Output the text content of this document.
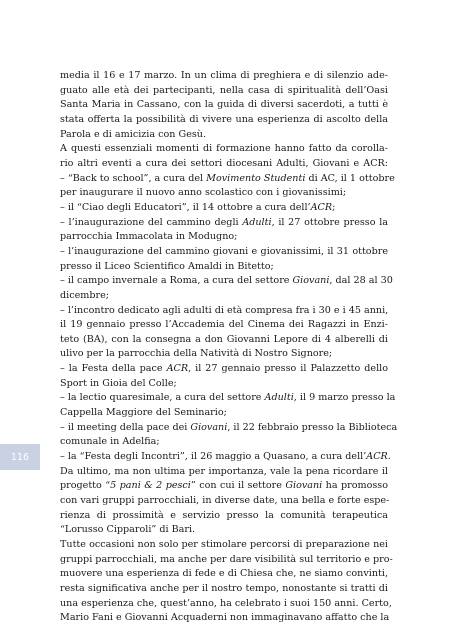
media il 16 e 17 marzo. In un clima di preghiera e di silenzio ade-
guato alle età dei partecipanti, nella casa di spiritualità dell’Oasi
Santa Maria in Cassano, con la guida di diversi sacerdoti, a tutti è
stata offerta la possibilità di vivere una esperienza di ascolto della
Parola e di amicizia con Gesù.
A questi essenziali momenti di formazione hanno fatto da corolla-
rio altri eventi a cura dei settori diocesani Adulti, Giovani e ACR:
– “Back to school”, a cura del Movimento Studenti di AC, il 1 ottobre
per inaugurare il nuovo anno scolastico con i giovanissimi;
– il “Ciao degli Educatori”, il 14 ottobre a cura dell’ACR;
– l’inaugurazione del cammino degli Adulti, il 27 ottobre presso la
parrocchia Immacolata in Modugno;
– l’inaugurazione del cammino giovani e giovanissimi, il 31 ottobre
presso il Liceo Scientifico Amaldi in Bitetto;
– il campo invernale a Roma, a cura del settore Giovani, dal 28 al 30
dicembre;
– l’incontro dedicato agli adulti di età compresa fra i 30 e i 45 anni,
il 19 gennaio presso l’Accademia del Cinema dei Ragazzi in Enzi-
teto (BA), con la consegna a don Giovanni Lepore di 4 alberelli di
ulivo per la parrocchia della Natività di Nostro Signore;
– la Festa della pace ACR, il 27 gennaio presso il Palazzetto dello
Sport in Gioia del Colle;
– la lectio quaresimale, a cura del settore Adulti, il 9 marzo presso la
Cappella Maggiore del Seminario;
– il meeting della pace dei Giovani, il 22 febbraio presso la Biblioteca
comunale in Adelfia;
– la “Festa degli Incontri”, il 26 maggio a Quasano, a cura dell’ACR.
Da ultimo, ma non ultima per importanza, vale la pena ricordare il
progetto “5 pani & 2 pesci” con cui il settore Giovani ha promosso
con vari gruppi parrocchiali, in diverse date, una bella e forte espe-
rienza di prossimità e servizio presso la comunità terapeutica
“Lorusso Cipparoli” di Bari.
Tutte occasioni non solo per stimolare percorsi di preparazione nei
gruppi parrocchiali, ma anche per dare visibilità sul territorio e pro-
muovere una esperienza di fede e di Chiesa che, ne siamo convinti,
resta significativa anche per il nostro tempo, nonostante si tratti di
una esperienza che, quest’anno, ha celebrato i suoi 150 anni. Certo,
Mario Fani e Giovanni Acquaderni non immaginavano affatto che la
116
